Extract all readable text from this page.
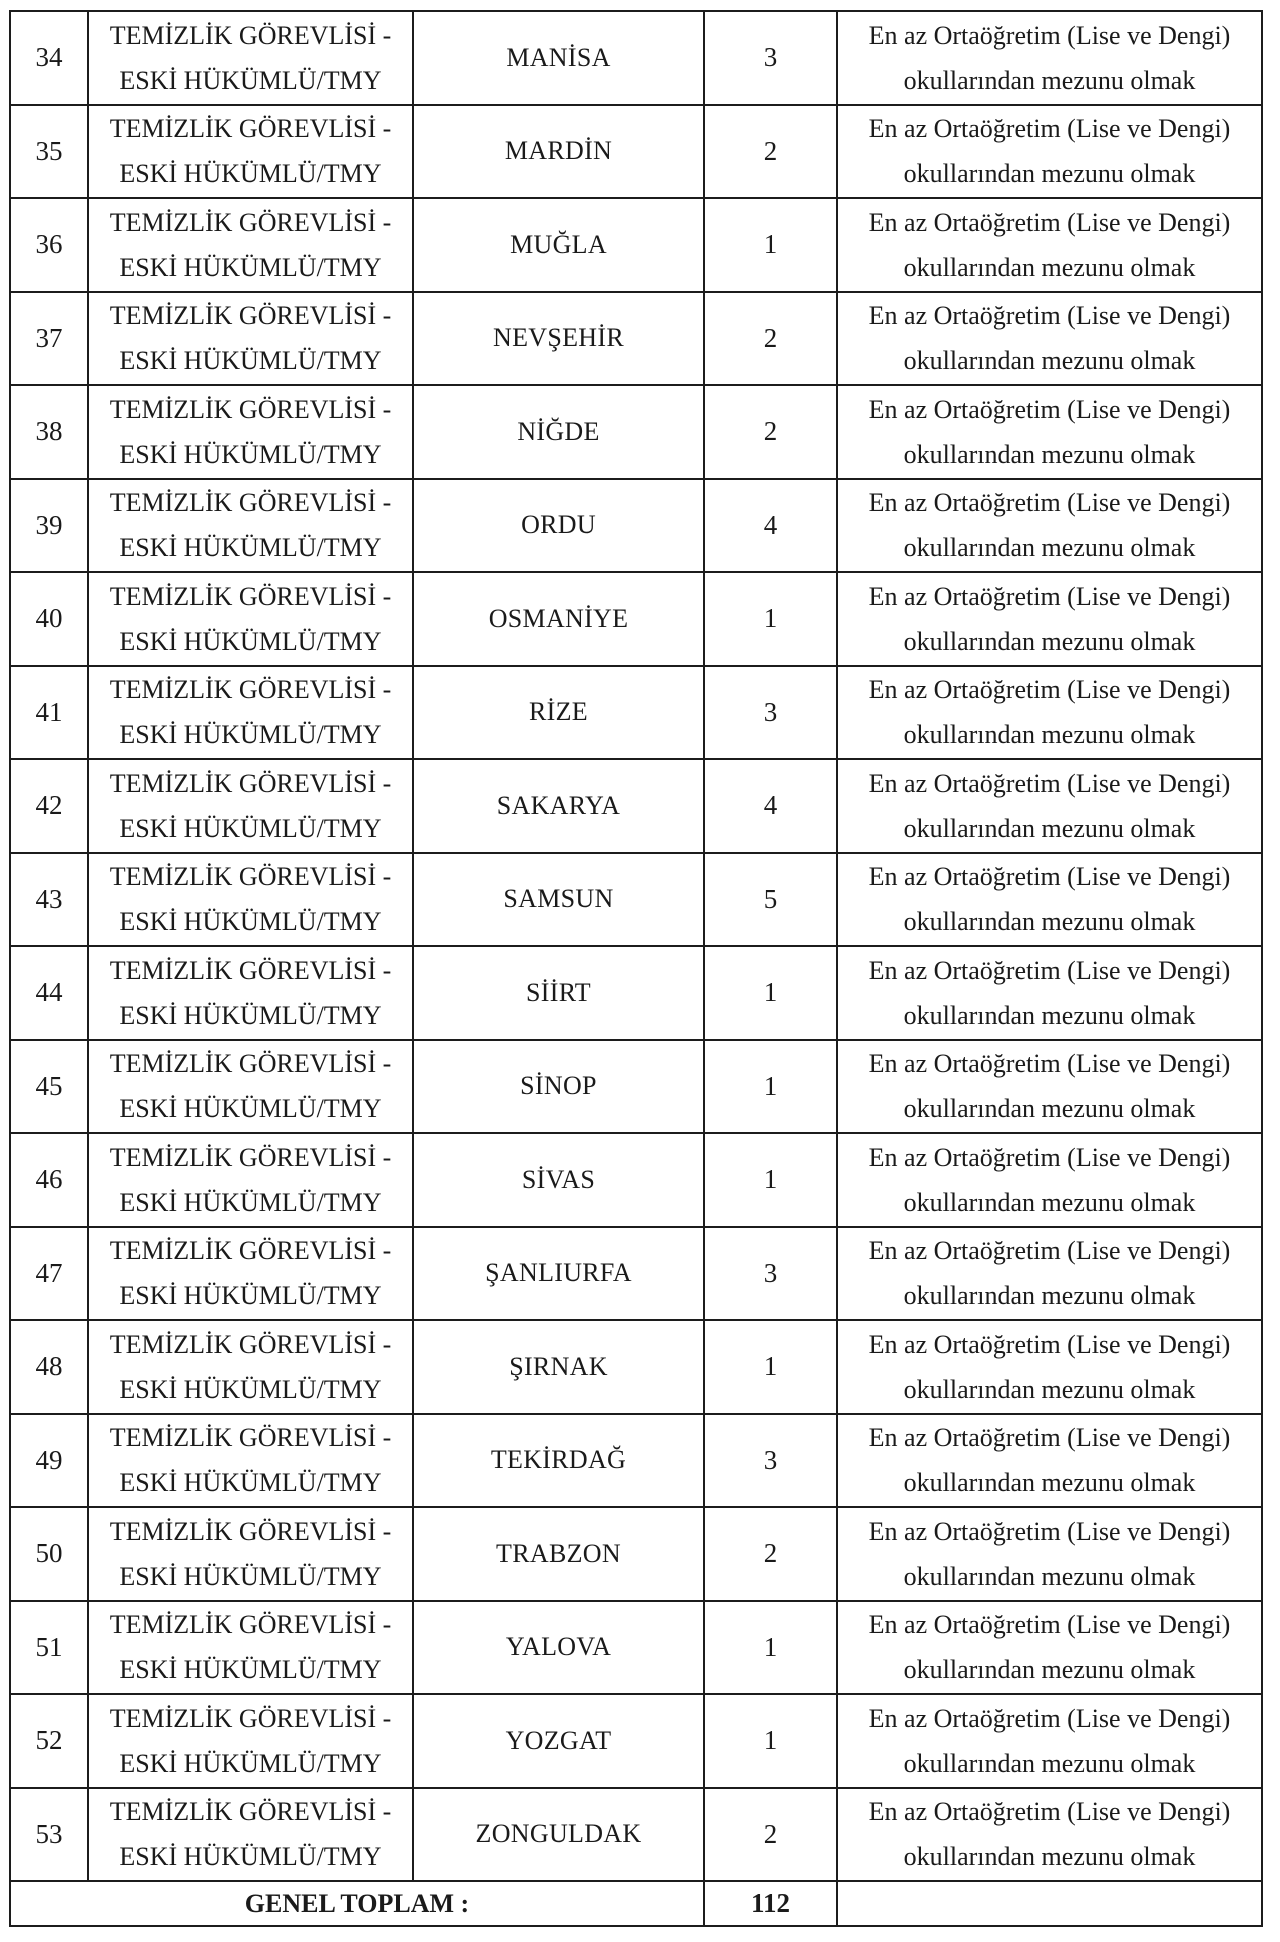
34	TEMİZLİK GÖREVLİSİ -
ESKİ HÜKÜMLÜ/TMY	MANİSA	3	En az Ortaöğretim (Lise ve Dengi)
okullarından mezunu olmak

35	TEMİZLİK GÖREVLİSİ -
ESKİ HÜKÜMLÜ/TMY	MARDİN	2	En az Ortaöğretim (Lise ve Dengi)
okullarından mezunu olmak

36	TEMİZLİK GÖREVLİSİ -
ESKİ HÜKÜMLÜ/TMY	MUĞLA	1	En az Ortaöğretim (Lise ve Dengi)
okullarından mezunu olmak

37	TEMİZLİK GÖREVLİSİ -
ESKİ HÜKÜMLÜ/TMY	NEVŞEHİR	2	En az Ortaöğretim (Lise ve Dengi)
okullarından mezunu olmak

38	TEMİZLİK GÖREVLİSİ -
ESKİ HÜKÜMLÜ/TMY	NİĞDE	2	En az Ortaöğretim (Lise ve Dengi)
okullarından mezunu olmak

39	TEMİZLİK GÖREVLİSİ -
ESKİ HÜKÜMLÜ/TMY	ORDU	4	En az Ortaöğretim (Lise ve Dengi)
okullarından mezunu olmak

40	TEMİZLİK GÖREVLİSİ -
ESKİ HÜKÜMLÜ/TMY	OSMANİYE	1	En az Ortaöğretim (Lise ve Dengi)
okullarından mezunu olmak

41	TEMİZLİK GÖREVLİSİ -
ESKİ HÜKÜMLÜ/TMY	RİZE	3	En az Ortaöğretim (Lise ve Dengi)
okullarından mezunu olmak

42	TEMİZLİK GÖREVLİSİ -
ESKİ HÜKÜMLÜ/TMY	SAKARYA	4	En az Ortaöğretim (Lise ve Dengi)
okullarından mezunu olmak

43	TEMİZLİK GÖREVLİSİ -
ESKİ HÜKÜMLÜ/TMY	SAMSUN	5	En az Ortaöğretim (Lise ve Dengi)
okullarından mezunu olmak

44	TEMİZLİK GÖREVLİSİ -
ESKİ HÜKÜMLÜ/TMY	SİİRT	1	En az Ortaöğretim (Lise ve Dengi)
okullarından mezunu olmak

45	TEMİZLİK GÖREVLİSİ -
ESKİ HÜKÜMLÜ/TMY	SİNOP	1	En az Ortaöğretim (Lise ve Dengi)
okullarından mezunu olmak

46	TEMİZLİK GÖREVLİSİ -
ESKİ HÜKÜMLÜ/TMY	SİVAS	1	En az Ortaöğretim (Lise ve Dengi)
okullarından mezunu olmak

47	TEMİZLİK GÖREVLİSİ -
ESKİ HÜKÜMLÜ/TMY	ŞANLIURFA	3	En az Ortaöğretim (Lise ve Dengi)
okullarından mezunu olmak

48	TEMİZLİK GÖREVLİSİ -
ESKİ HÜKÜMLÜ/TMY	ŞIRNAK	1	En az Ortaöğretim (Lise ve Dengi)
okullarından mezunu olmak

49	TEMİZLİK GÖREVLİSİ -
ESKİ HÜKÜMLÜ/TMY	TEKİRDAĞ	3	En az Ortaöğretim (Lise ve Dengi)
okullarından mezunu olmak

50	TEMİZLİK GÖREVLİSİ -
ESKİ HÜKÜMLÜ/TMY	TRABZON	2	En az Ortaöğretim (Lise ve Dengi)
okullarından mezunu olmak

51	TEMİZLİK GÖREVLİSİ -
ESKİ HÜKÜMLÜ/TMY	YALOVA	1	En az Ortaöğretim (Lise ve Dengi)
okullarından mezunu olmak

52	TEMİZLİK GÖREVLİSİ -
ESKİ HÜKÜMLÜ/TMY	YOZGAT	1	En az Ortaöğretim (Lise ve Dengi)
okullarından mezunu olmak

53	TEMİZLİK GÖREVLİSİ -
ESKİ HÜKÜMLÜ/TMY	ZONGULDAK	2	En az Ortaöğretim (Lise ve Dengi)
okullarından mezunu olmak

GENEL TOPLAM :			112	
